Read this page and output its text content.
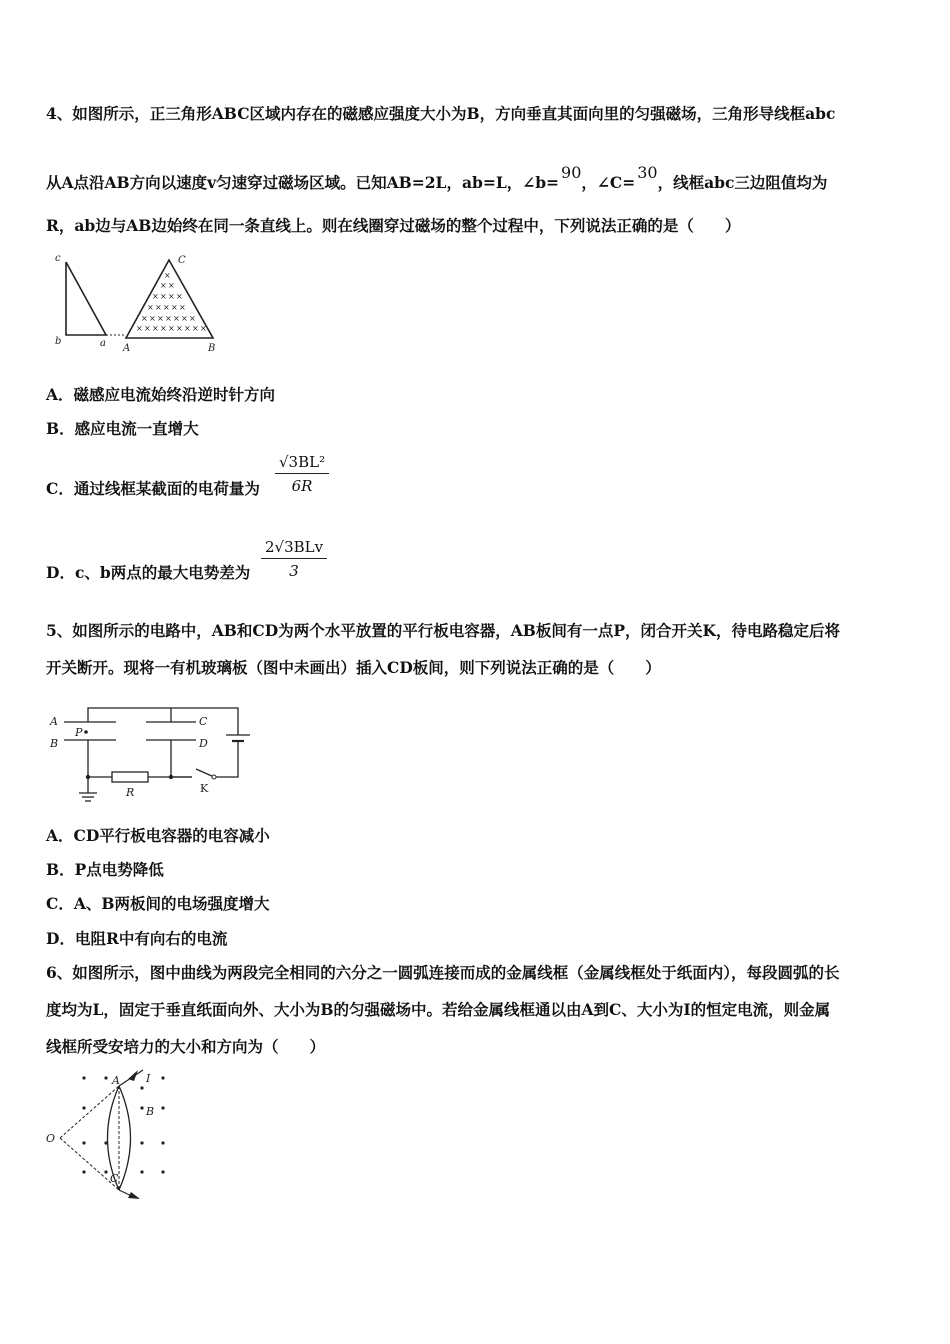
4、如图所示，正三角形ABC区域内存在的磁感应强度大小为B，方向垂直其面向里的匀强磁场，三角形导线框abc
从A点沿AB方向以速度v匀速穿过磁场区域。已知AB=2L，ab=L，∠b=$^{90}$，∠C=$^{30}$，线框abc三边阻值均为
R，ab边与AB边始终在同一条直线上。则在线圈穿过磁场的整个过程中，下列说法正确的是（　　）
×
× ×
× × × ×
× × × × ×
× × × × × × ×
× × × × × × × × ×
c
b	a A	B
C
A．磁感应电流始终沿逆时针方向
B．感应电流一直增大
C．通过线框某截面的电荷量为 $\frac{\text{√3BL²}}{6R}$
D．c、b两点的最大电势差为
2√3BLv
3
5、如图所示的电路中，AB和CD为两个水平放置的平行板电容器，AB板间有一点P，闭合开关K，待电路稳定后将
开关断开。现将一有机玻璃板（图中未画出）插入CD板间，则下列说法正确的是（　　）
A
B
C
D
P
R	K
A．CD平行板电容器的电容减小
B．P点电势降低
C．A、B两板间的电场强度增大
D．电阻R中有向右的电流
6、如图所示，图中曲线为两段完全相同的六分之一圆弧连接而成的金属线框（金属线框处于纸面内），每段圆弧的长
度均为L，固定于垂直纸面向外、大小为B的匀强磁场中。若给金属线框通以由A到C、大小为I的恒定电流，则金属
线框所受安培力的大小和方向为（　　）
O
A
C
B
I
